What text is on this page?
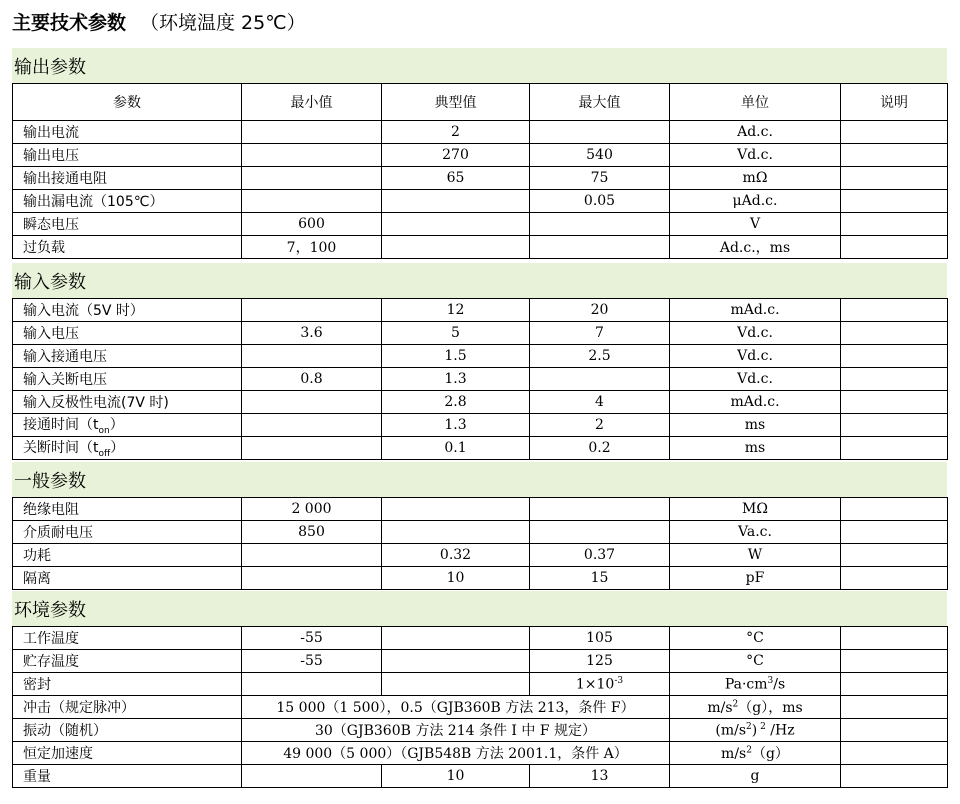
主要技术参数 （环境温度 25℃）
输出参数
参数	最小值	典型值	最大值	单位	说明
输出电流		2		Ad.c.	
输出电压		270	540	Vd.c.	
输出接通电阻		65	75	mΩ	
输出漏电流（105℃）			0.05	μAd.c.	
瞬态电压	600			V	
过负载	7，100			Ad.c.，ms	
输入参数
输入电流（5V 时）		12	20	mAd.c.	
输入电压	3.6	5	7	Vd.c.	
输入接通电压		1.5	2.5	Vd.c.	
输入关断电压	0.8	1.3		Vd.c.	
输入反极性电流(7V 时)		2.8	4	mAd.c.	
接通时间$(t_{on})$		1.3	2	ms	
关断时间$(t_{off})$		0.1	0.2	ms	
一般参数
绝缘电阻	2 000			MΩ	
介质耐电压	850			Va.c.	
功耗		0.32	0.37	W	
隔离		10	15	pF	
环境参数
工作温度	-55		105	°C	
贮存温度	-55		125	°C	
密封			$1\times 10^{-3}$	$Pa\cdot cm^3/s$	
冲击（规定脉冲）	15 000（1 500），0.5（GJB360B 方法 213，条件 F）			$m/s^2(g)$，ms	
振动（随机）	30（GJB360B 方法 214 条件 I 中 F 规定）			$(m/s^2)$ $^2$ /Hz	
恒定加速度	49 000（5 000）（GJB548B 方法 2001.1，条件 A）			$m/s^2(g)$	
重量		10	13	g	
